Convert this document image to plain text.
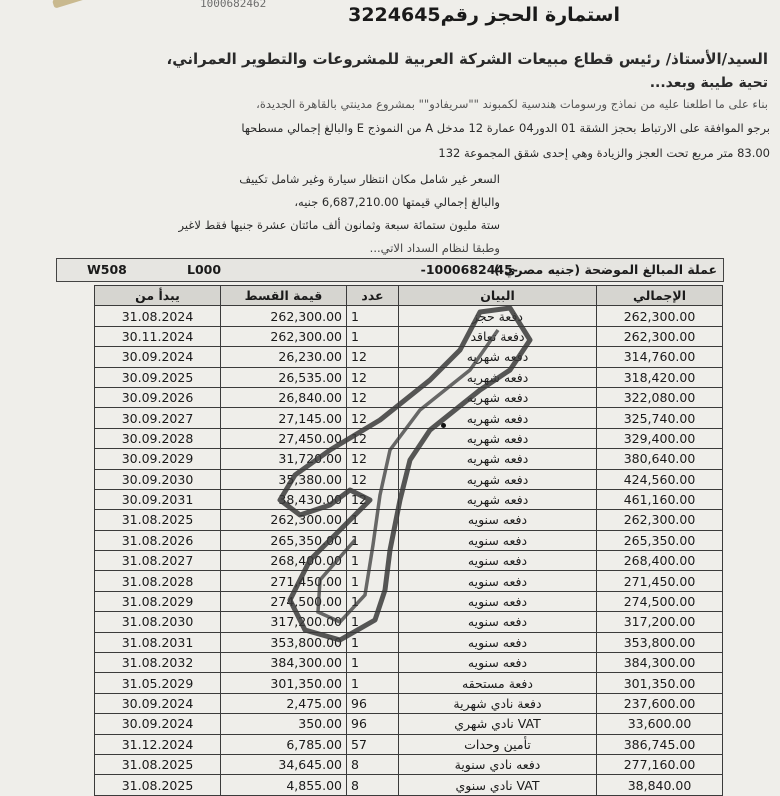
1000682462
استمارة الحجز رقم3224645
السيد/الأستاذ/ رئيس قطاع مبيعات الشركة العربية للمشروعات والتطوير العمراني،
تحية طيبة وبعد...
بناء على ما اطلعنا عليه من نماذج ورسومات هندسية لكمبوند ""سريفادو"" بمشروع مدينتي بالقاهرة الجديدة،
برجو الموافقة على الارتباط بحجز الشقة 01 الدور04 عمارة 12 مدخل A من النموذج E والبالغ إجمالي مسطحها
83.00 متر مربع تحت العجز والزيادة وهي إحدى شقق المجموعة 132
السعر غير شامل مكان انتظار سيارة وغير شامل تكييف
والبالغ إجمالي قيمتها 6,687,210.00 جنيه،
ستة مليون ستمائة سبعة وثمانون ألف مائتان عشرة جنيها فقط لاغير
وطبقا لنظام السداد الاتي...
W508	L000	-1000682445-
عملة المبالغ الموضحة (جنيه مصري )
يبدأ من	قيمة القسط	عدد	البيان	الإجمالي
31.08.2024	262,300.00	1	دفعة حجز	262,300.00
30.11.2024	262,300.00	1	دفعة تعاقد	262,300.00
30.09.2024	26,230.00	12	دفعه شهريه	314,760.00
30.09.2025	26,535.00	12	دفعه شهريه	318,420.00
30.09.2026	26,840.00	12	دفعه شهريه	322,080.00
30.09.2027	27,145.00	12	دفعه شهريه	325,740.00
30.09.2028	27,450.00	12	دفعه شهريه	329,400.00
30.09.2029	31,720.00	12	دفعه شهريه	380,640.00
30.09.2030	35,380.00	12	دفعه شهريه	424,560.00
30.09.2031	38,430.00	12	دفعه شهريه	461,160.00
31.08.2025	262,300.00	1	دفعه سنويه	262,300.00
31.08.2026	265,350.00	1	دفعه سنويه	265,350.00
31.08.2027	268,400.00	1	دفعه سنويه	268,400.00
31.08.2028	271,450.00	1	دفعه سنويه	271,450.00
31.08.2029	274,500.00	1	دفعه سنويه	274,500.00
31.08.2030	317,200.00	1	دفعه سنويه	317,200.00
31.08.2031	353,800.00	1	دفعه سنويه	353,800.00
31.08.2032	384,300.00	1	دفعه سنويه	384,300.00
31.05.2029	301,350.00	1	دفعة مستحقه	301,350.00
30.09.2024	2,475.00	96	دفعة نادي شهرية	237,600.00
30.09.2024	350.00	96	VAT نادي شهري	33,600.00
31.12.2024	6,785.00	57	تأمين وحدات	386,745.00
31.08.2025	34,645.00	8	دفعه نادي سنوية	277,160.00
31.08.2025	4,855.00	8	VAT نادي سنوي	38,840.00
